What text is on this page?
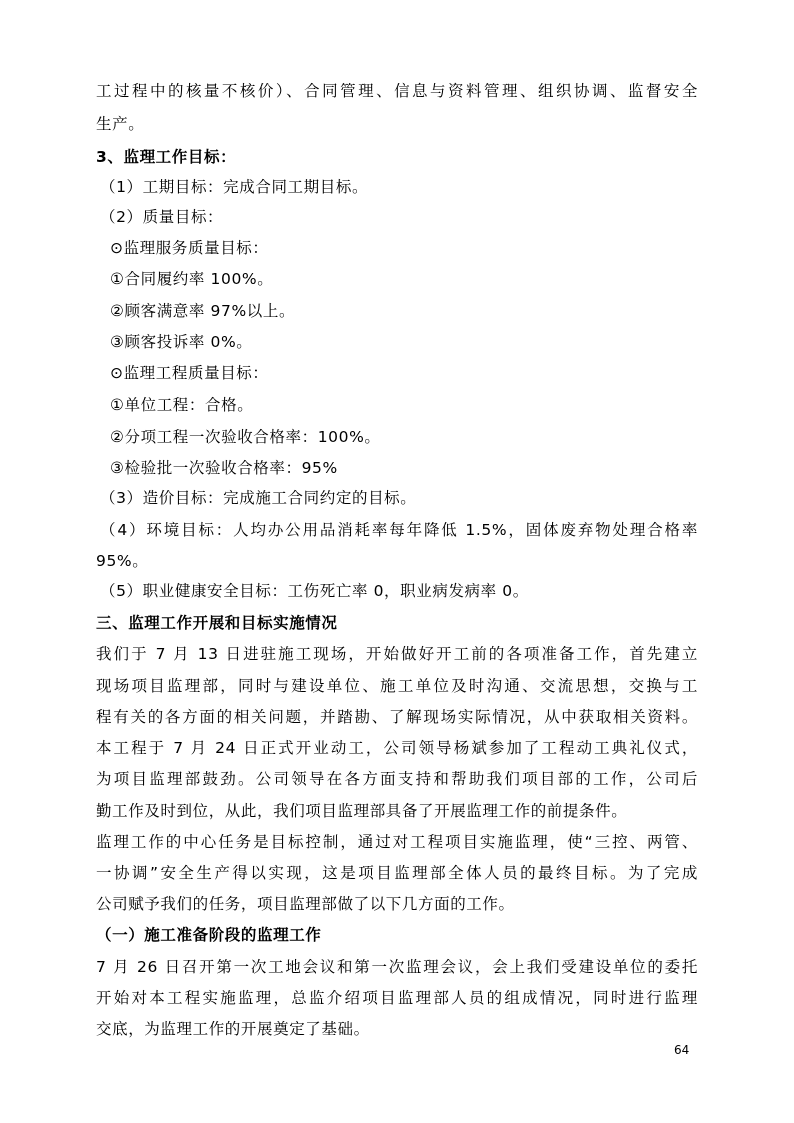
工过程中的核量不核价）、合同管理、信息与资料管理、组织协调、监督安全
生产。
3、监理工作目标：
（1）工期目标：完成合同工期目标。
（2）质量目标：
⊙监理服务质量目标：
①合同履约率 100%。
②顾客满意率 97%以上。
③顾客投诉率 0%。
⊙监理工程质量目标：
①单位工程：合格。
②分项工程一次验收合格率：100%。
③检验批一次验收合格率：95%
（3）造价目标：完成施工合同约定的目标。
（4）环境目标：人均办公用品消耗率每年降低 1.5%，固体废弃物处理合格率
95%。
（5）职业健康安全目标：工伤死亡率 0，职业病发病率 0。
三、监理工作开展和目标实施情况
我们于 7 月 13 日进驻施工现场，开始做好开工前的各项准备工作，首先建立
现场项目监理部，同时与建设单位、施工单位及时沟通、交流思想，交换与工
程有关的各方面的相关问题，并踏勘、了解现场实际情况，从中获取相关资料。
本工程于 7 月 24 日正式开业动工，公司领导杨斌参加了工程动工典礼仪式，
为项目监理部鼓劲。公司领导在各方面支持和帮助我们项目部的工作，公司后
勤工作及时到位，从此，我们项目监理部具备了开展监理工作的前提条件。
监理工作的中心任务是目标控制，通过对工程项目实施监理，使“三控、两管、
一协调”安全生产得以实现，这是项目监理部全体人员的最终目标。为了完成
公司赋予我们的任务，项目监理部做了以下几方面的工作。
（一）施工准备阶段的监理工作
7 月 26 日召开第一次工地会议和第一次监理会议，会上我们受建设单位的委托
开始对本工程实施监理，总监介绍项目监理部人员的组成情况，同时进行监理
交底，为监理工作的开展奠定了基础。
64
